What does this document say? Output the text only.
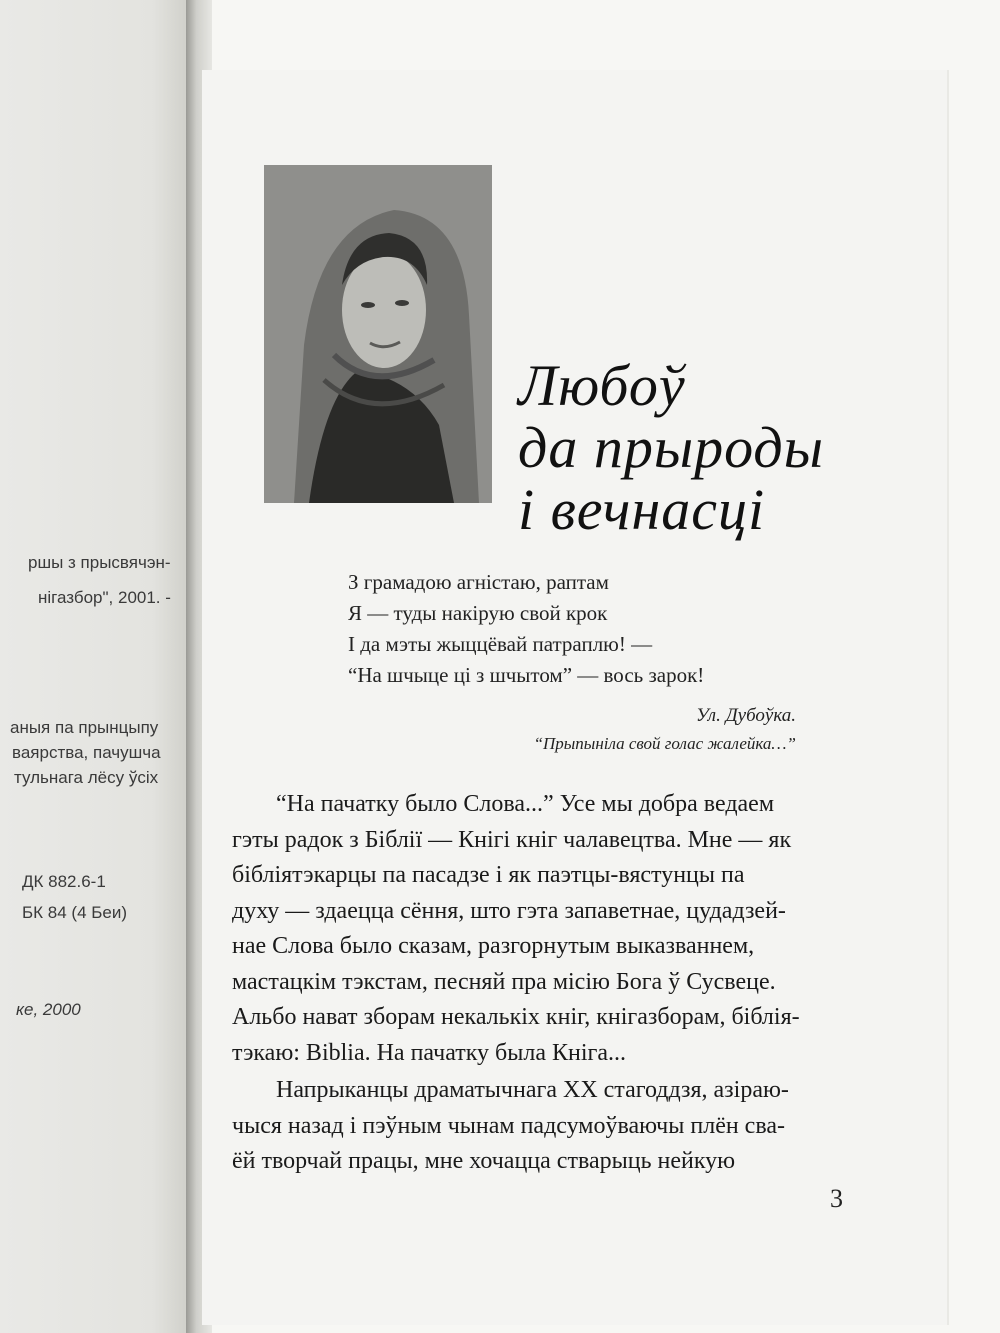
ршы з прысвячэн-
нігазбор", 2001. -
аныя па прынцыпу
ваярства, пачушча
тульнага лёсу ўсіх
ДК 882.6-1
БК 84 (4 Беи)
ке, 2000
Любоў
да прыроды
і вечнасці
З грамадою агністаю, раптам
Я — туды накірую свой крок
І да мэты жыццёвай патраплю! —
“На шчыце ці з шчытом” — вось зарок!
Ул. Дубоўка.
“Прыпыніла свой голас жалейка…”
“На пачатку было Слова...” Усе мы добра ведаем
гэты радок з Біблії — Кнігі кніг чалавецтва. Мне — як
бібліятэкарцы па пасадзе і як паэтцы-вястунцы па
духу — здаецца сёння, што гэта запаветнае, цудадзей-
нае Слова было сказам, разгорнутым выказваннем,
мастацкім тэкстам, песняй пра місію Бога ў Сусвеце.
Альбо нават зборам некалькіх кніг, кнігазборам, біблія-
тэкаю: Biblia. На пачатку была Кніга...
Напрыканцы драматычнага XX стагоддзя, азіраю-
чыся назад і пэўным чынам падсумоўваючы плён сва-
ёй творчай працы, мне хочацца стварыць нейкую
3
